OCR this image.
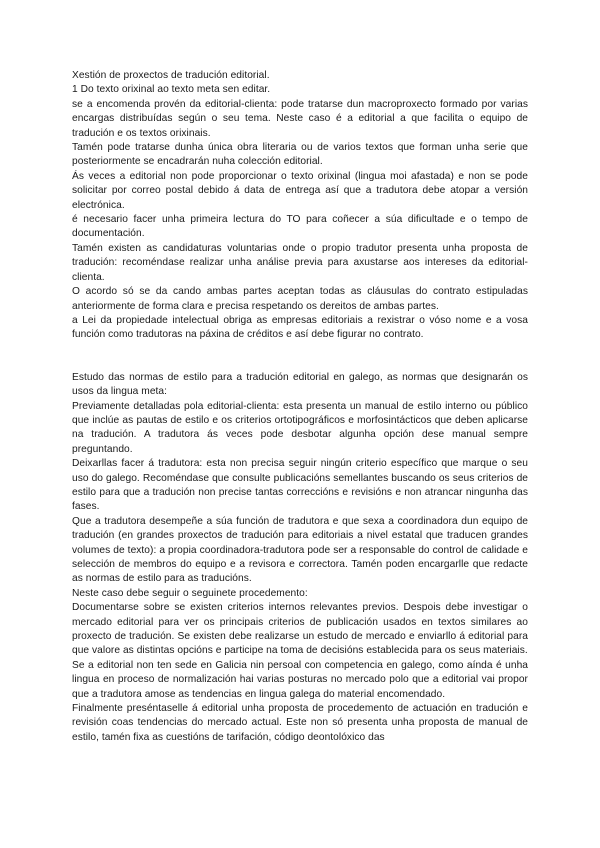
Xestión de proxectos de tradución editorial.

1 Do texto orixinal ao texto meta sen editar.

se a encomenda provén da editorial-clienta: pode tratarse dun macroproxecto formado por varias encargas distribuídas según o seu tema. Neste caso é a editorial a que facilita o equipo de tradución e os textos orixinais.

Tamén pode tratarse dunha única obra literaria ou de varios textos que forman unha serie que posteriormente se encadrarán nuha colección editorial.

Ás veces a editorial non pode proporcionar o texto orixinal (lingua moi afastada) e non se pode solicitar por correo postal debido á data de entrega así que a tradutora debe atopar a versión electrónica.

é necesario facer unha primeira lectura do TO para coñecer a súa dificultade e o tempo de documentación.

Tamén existen as candidaturas voluntarias onde o propio tradutor presenta unha proposta de tradución: recoméndase realizar unha análise previa para axustarse aos intereses da editorial-clienta.

O acordo só se da cando ambas partes aceptan todas as cláusulas do contrato estipuladas anteriormente de forma clara e precisa respetando os dereitos de ambas partes.

a Lei da propiedade intelectual obriga as empresas editoriais a rexistrar o vóso nome e a vosa función como tradutoras na páxina de créditos e así debe figurar no contrato.

Estudo das normas de estilo para a tradución editorial en galego, as normas que designarán os usos da lingua meta:

Previamente detalladas pola editorial-clienta: esta presenta un manual de estilo interno ou público que inclúe as pautas de estilo e os criterios ortotipográficos e morfosintácticos que deben aplicarse na tradución. A tradutora ás veces pode desbotar algunha opción dese manual sempre preguntando.

Deixarllas facer á tradutora: esta non precisa seguir ningún criterio específico que marque o seu uso do galego. Recoméndase que consulte publicacións semellantes buscando os seus criterios de estilo para que a tradución non precise tantas correccións e revisións e non atrancar ningunha das fases.

Que a tradutora desempeñe a súa función de tradutora e que sexa a coordinadora dun equipo de tradución (en grandes proxectos de tradución para editoriais a nivel estatal que traducen grandes volumes de texto): a propia coordinadora-tradutora pode ser a responsable do control de calidade e selección de membros do equipo e a revisora e correctora. Tamén poden encargarlle que redacte as normas de estilo para as traducións.

Neste caso debe seguir o seguinete procedemento:

Documentarse sobre se existen criterios internos relevantes previos. Despois debe investigar o mercado editorial para ver os principais criterios de publicación usados en textos similares ao proxecto de tradución. Se existen debe realizarse un estudo de mercado e enviarllo á editorial para que valore as distintas opcións e participe na toma de decisións establecida para os seus materiais.

Se a editorial non ten sede en Galicia nin persoal con competencia en galego, como aínda é unha lingua en proceso de normalización hai varias posturas no mercado polo que a editorial vai propor que a tradutora amose as tendencias en lingua galega do material encomendado.

Finalmente preséntaselle á editorial unha proposta de procedemento de actuación en tradución e revisión coas tendencias do mercado actual. Este non só presenta unha proposta de manual de estilo, tamén fixa as cuestións de tarifación, código deontolóxico das
